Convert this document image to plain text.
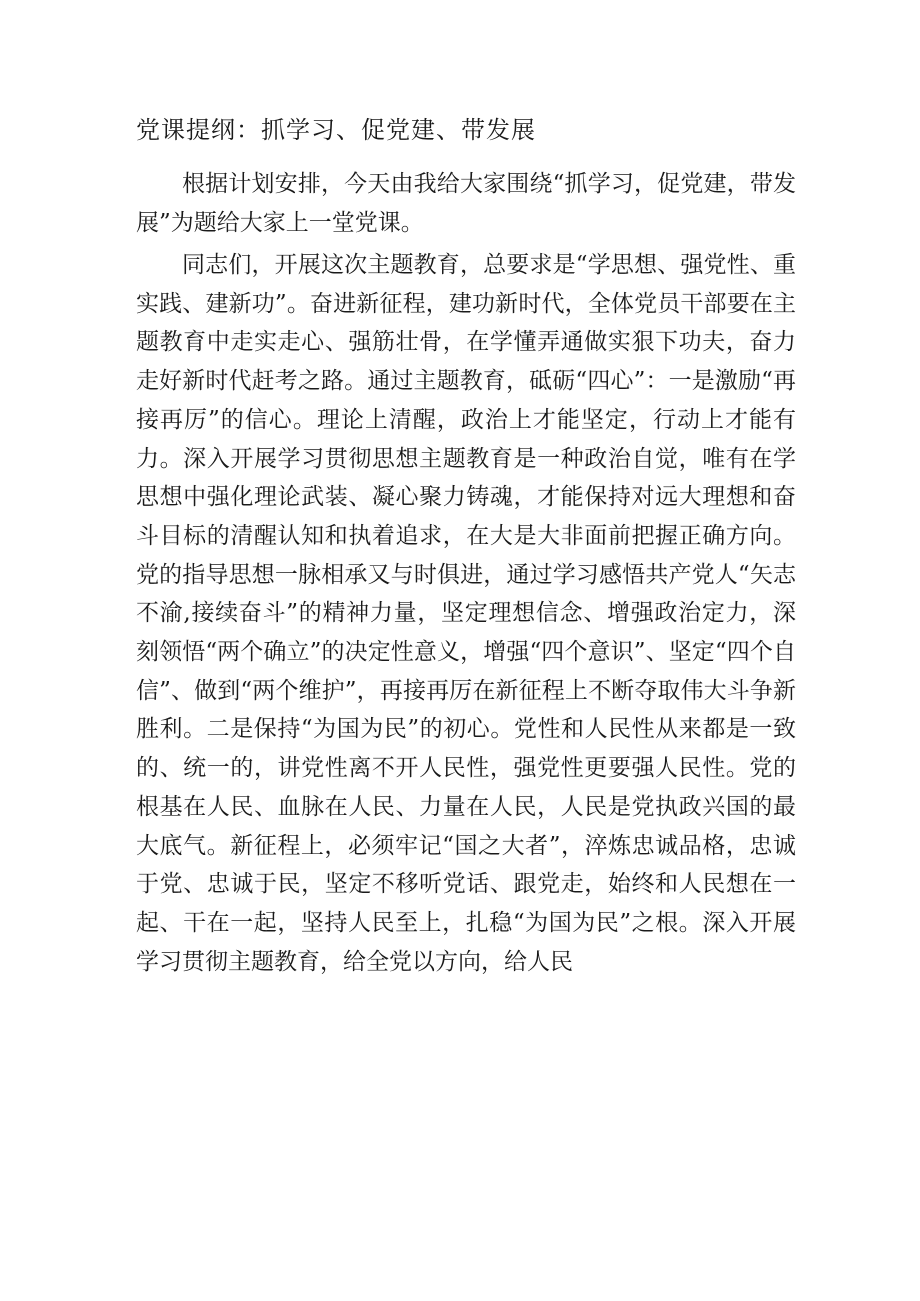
党课提纲：抓学习、促党建、带发展

根据计划安排，今天由我给大家围绕“抓学习，促党建，带发展”为题给大家上一堂党课。

同志们，开展这次主题教育，总要求是“学思想、强党性、重实践、建新功”。奋进新征程，建功新时代，全体党员干部要在主题教育中走实走心、强筋壮骨，在学懂弄通做实狠下功夫，奋力走好新时代赶考之路。通过主题教育，砥砺“四心”：一是激励“再接再厉”的信心。理论上清醒，政治上才能坚定，行动上才能有力。深入开展学习贯彻思想主题教育是一种政治自觉，唯有在学思想中强化理论武装、凝心聚力铸魂，才能保持对远大理想和奋斗目标的清醒认知和执着追求，在大是大非面前把握正确方向。党的指导思想一脉相承又与时俱进，通过学习感悟共产党人“矢志不渝,接续奋斗”的精神力量，坚定理想信念、增强政治定力，深刻领悟“两个确立”的决定性意义，增强“四个意识”、坚定“四个自信”、做到“两个维护”，再接再厉在新征程上不断夺取伟大斗争新胜利。二是保持“为国为民”的初心。党性和人民性从来都是一致的、统一的，讲党性离不开人民性，强党性更要强人民性。党的根基在人民、血脉在人民、力量在人民，人民是党执政兴国的最大底气。新征程上，必须牢记“国之大者”，淬炼忠诚品格，忠诚于党、忠诚于民，坚定不移听党话、跟党走，始终和人民想在一起、干在一起，坚持人民至上，扎稳“为国为民”之根。深入开展学习贯彻主题教育，给全党以方向，给人民
